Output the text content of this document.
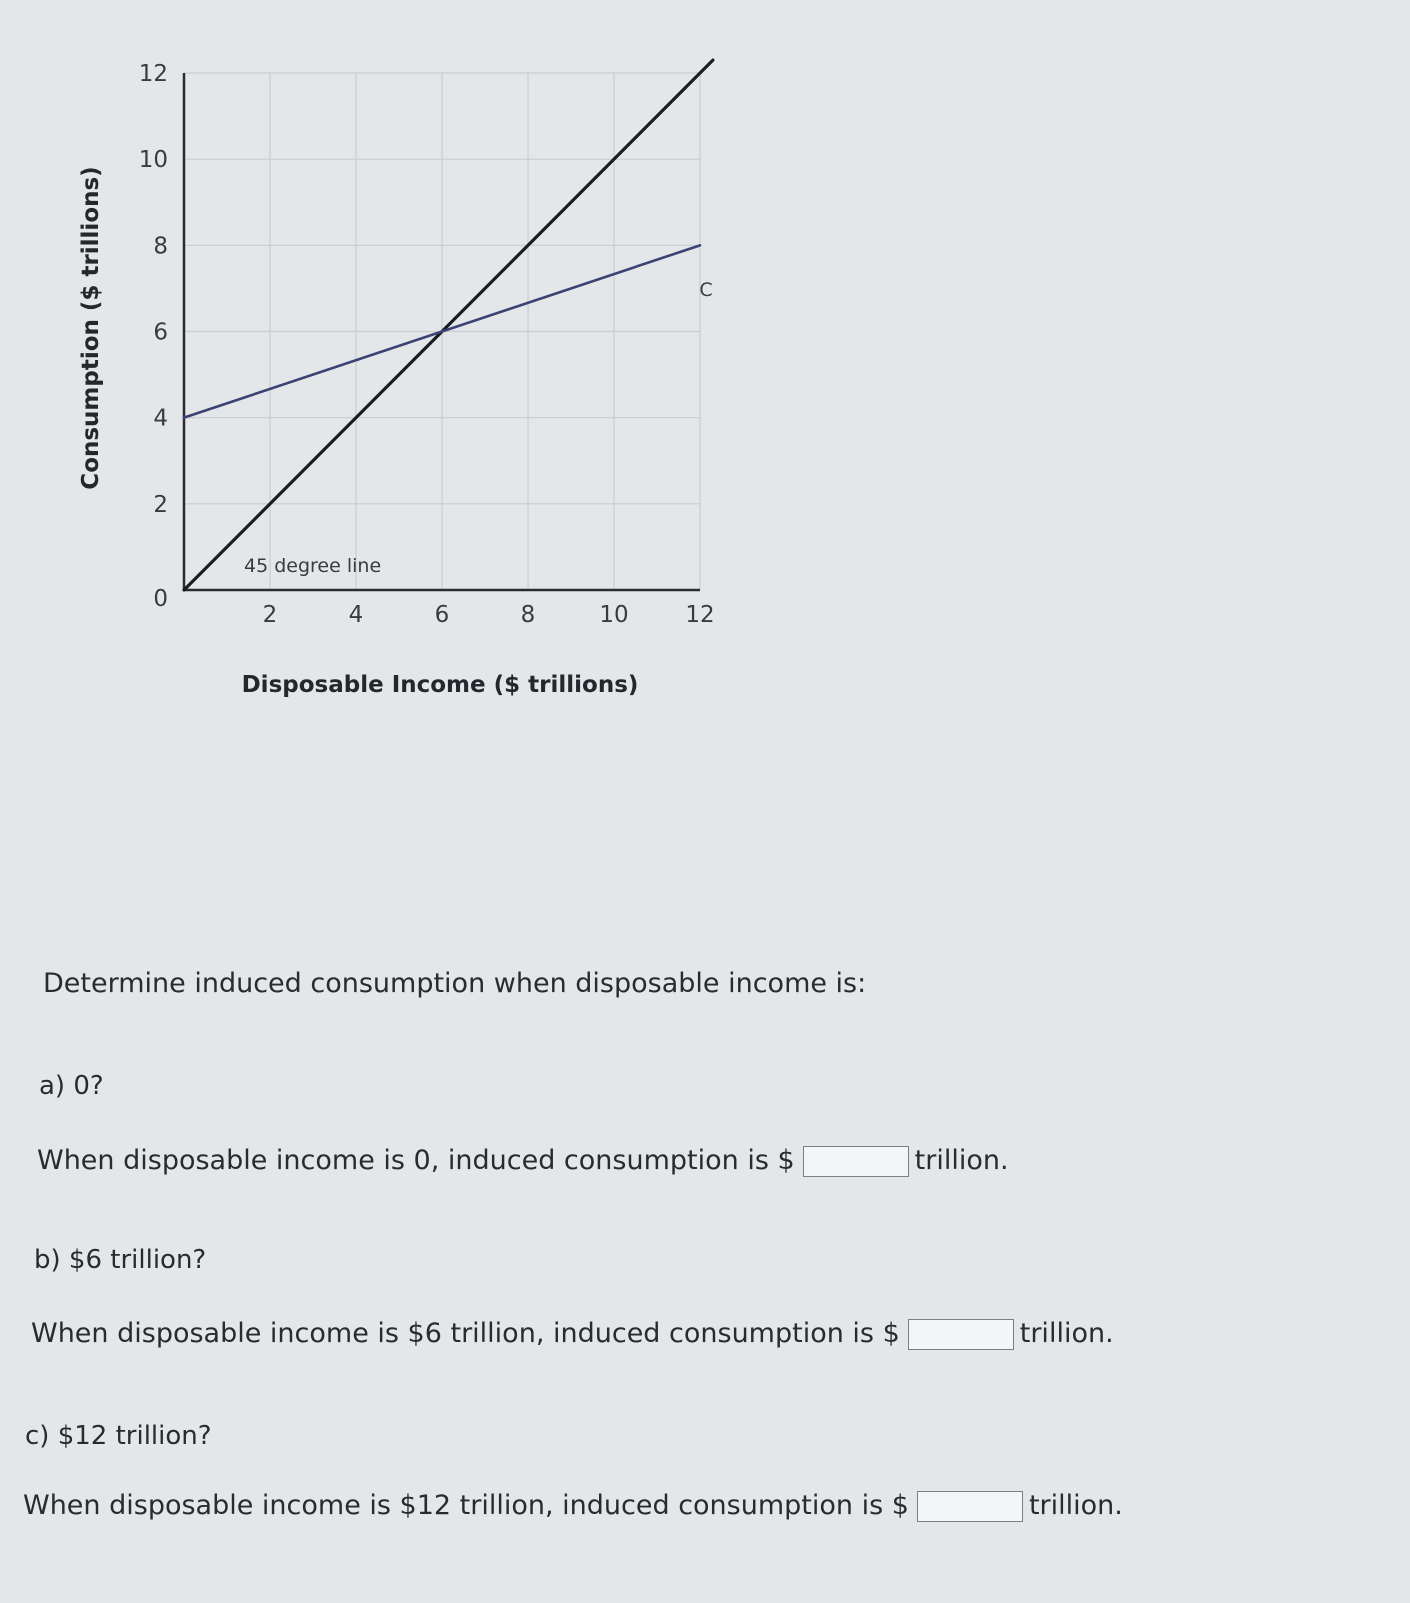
2	4	6	8	10 12
0
2
4
6
8
10
12
Disposable Income ($ trillions)
Consumption ($ trillions)
45 degree line
C
Determine induced consumption when disposable income is:
a) 0?
When disposable income is 0, induced consumption is $	trillion.
b) $6 trillion?
When disposable income is $6 trillion, induced consumption is $	trillion.
c) $12 trillion?
When disposable income is $12 trillion, induced consumption is $	trillion.
